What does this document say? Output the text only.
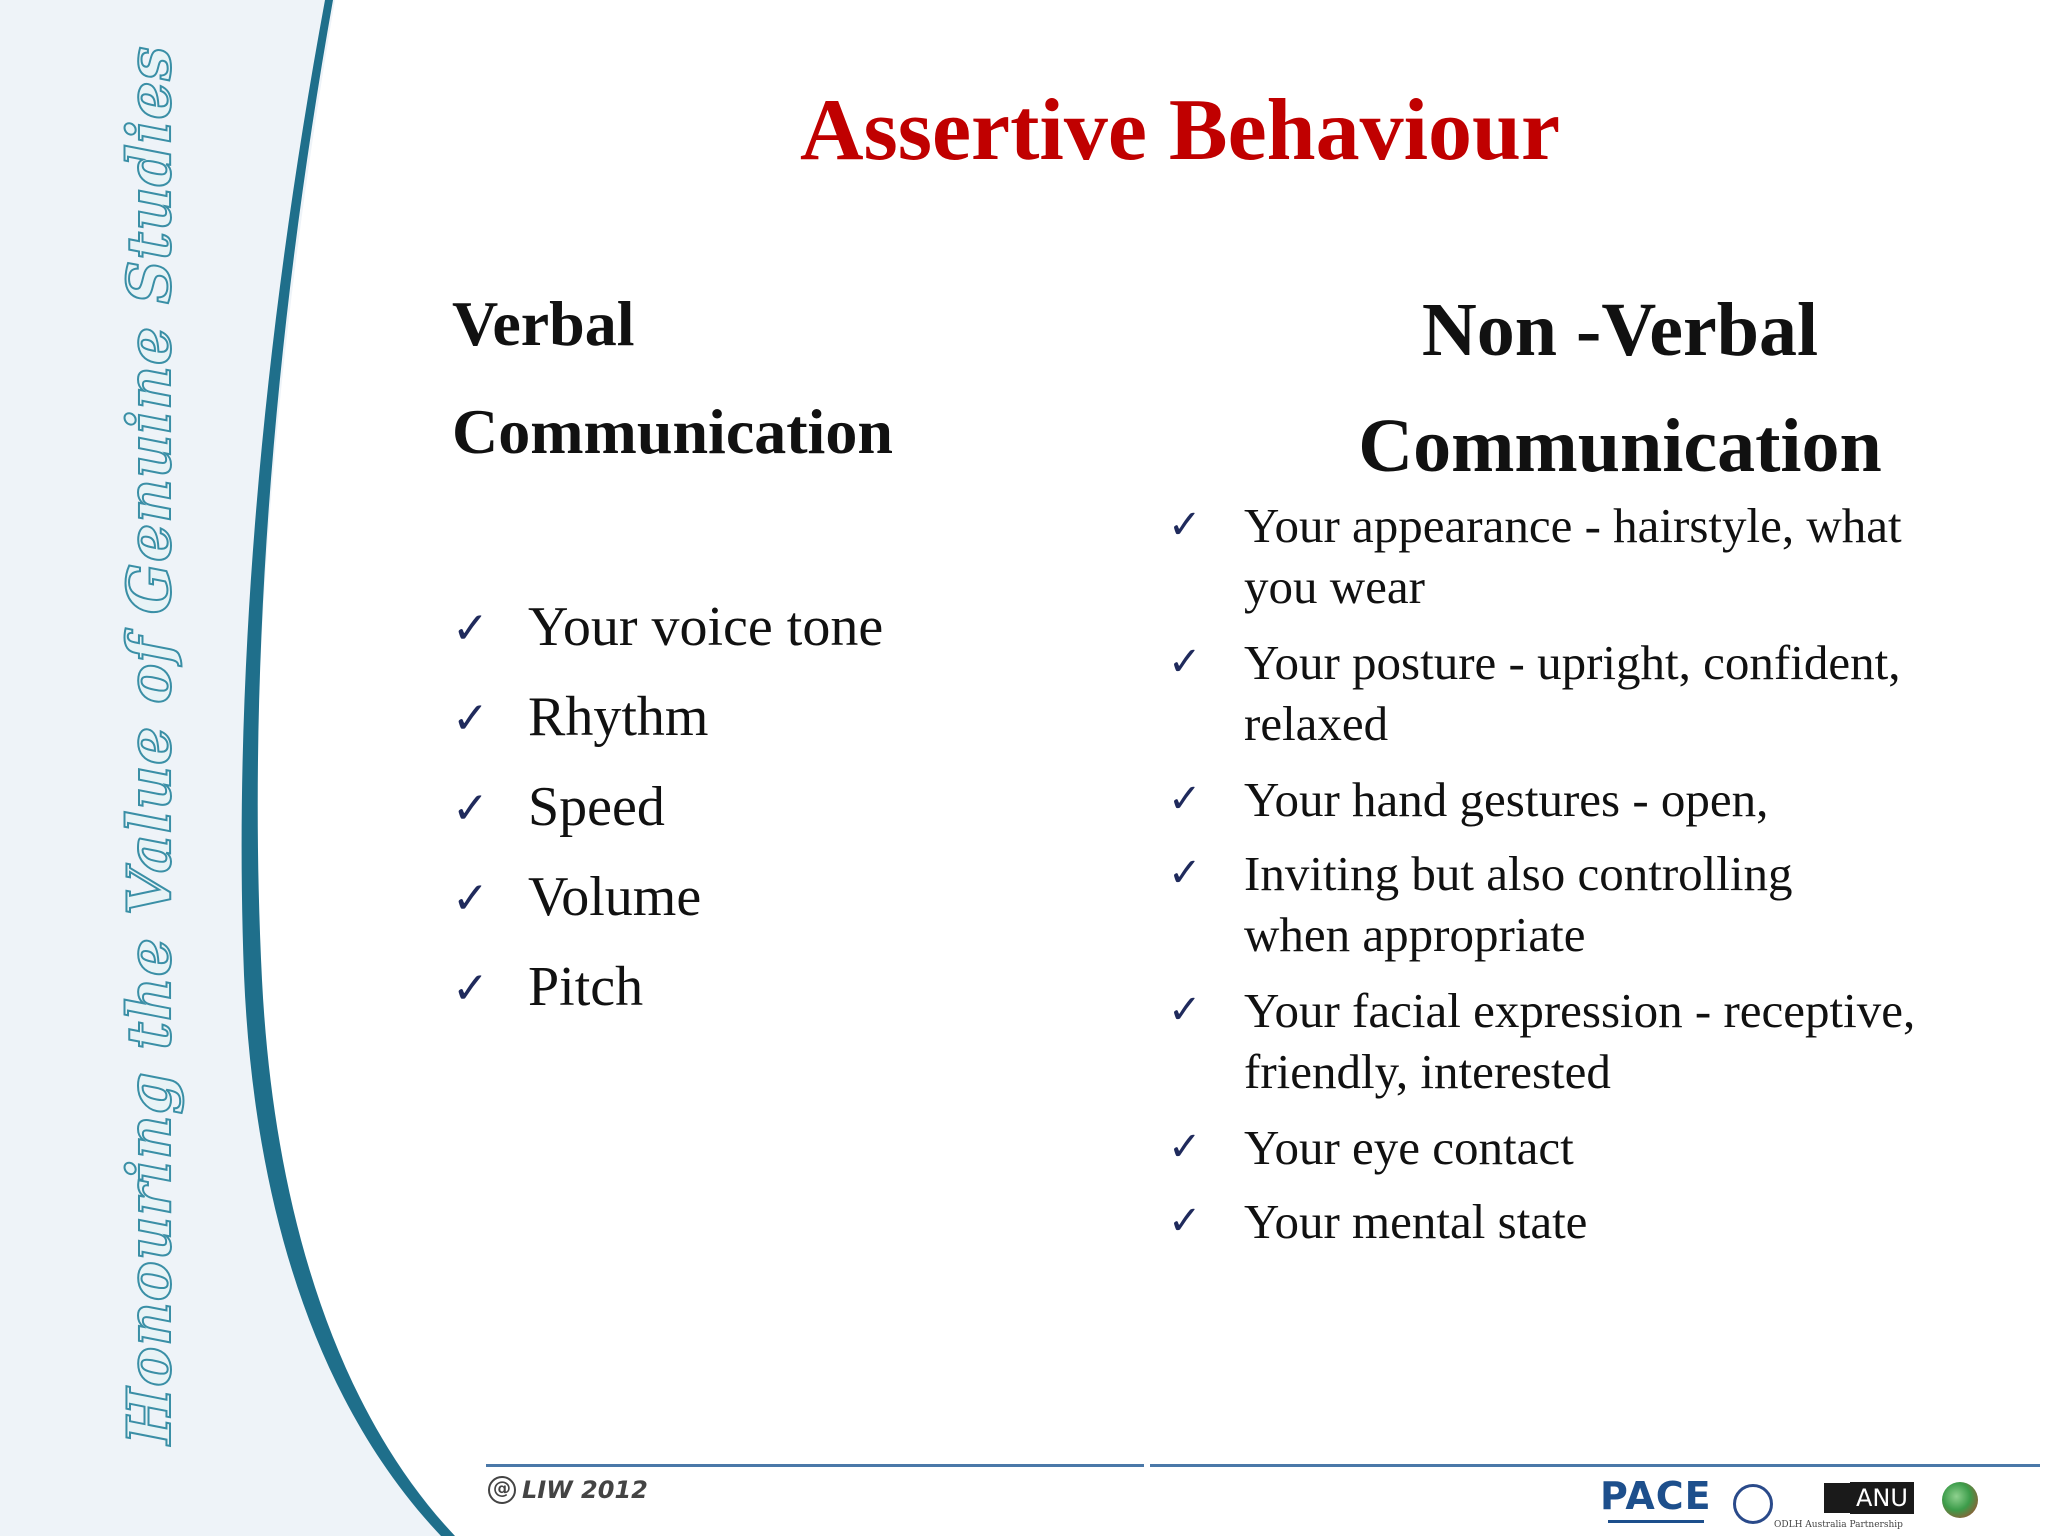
Honouring the Value of Genuine Studies	Assertive Behaviour
Verbal
Communication
✓ Your voice tone
✓ Rhythm
✓ Speed
✓ Volume
✓ Pitch
Non -Verbal
Communication
✓ Your appearance - hairstyle, what
you wear
✓ Your posture - upright, confident,
relaxed
✓ Your hand gestures - open,
✓ Inviting but also controlling
when appropriate
✓ Your facial expression - receptive,
friendly, interested
✓ Your eye contact
✓ Your mental state
@ LIW 2012	PACE	ANU
ODLH Australia Partnership
